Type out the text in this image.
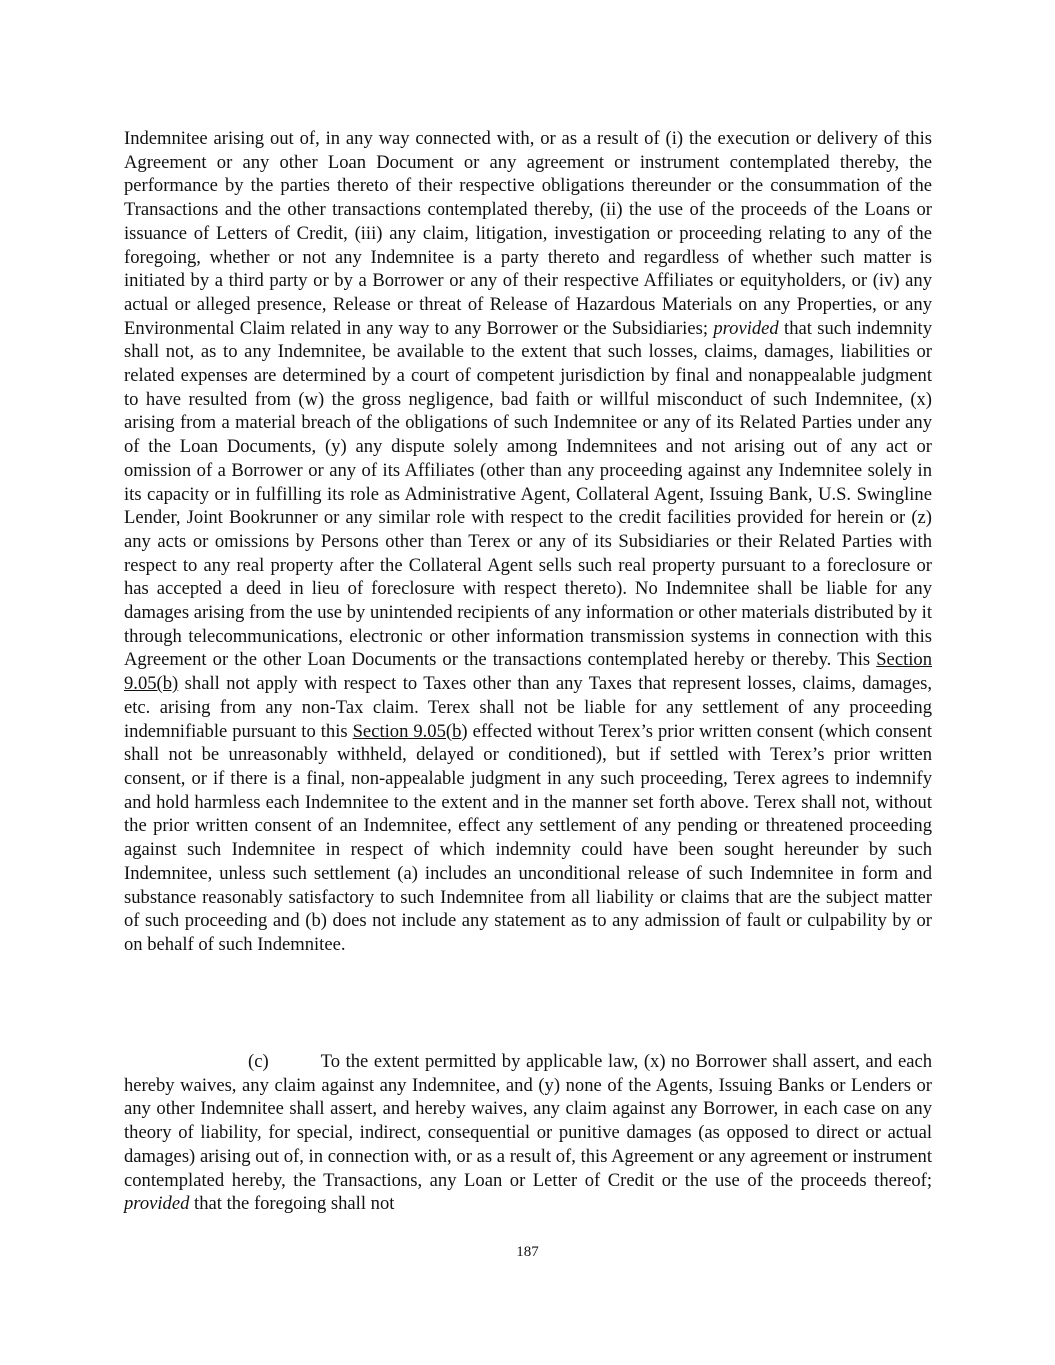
Indemnitee arising out of, in any way connected with, or as a result of (i) the execution or delivery of this Agreement or any other Loan Document or any agreement or instrument contemplated thereby, the performance by the parties thereto of their respective obligations thereunder or the consummation of the Transactions and the other transactions contemplated thereby, (ii) the use of the proceeds of the Loans or issuance of Letters of Credit, (iii) any claim, litigation, investigation or proceeding relating to any of the foregoing, whether or not any Indemnitee is a party thereto and regardless of whether such matter is initiated by a third party or by a Borrower or any of their respective Affiliates or equityholders, or (iv) any actual or alleged presence, Release or threat of Release of Hazardous Materials on any Properties, or any Environmental Claim related in any way to any Borrower or the Subsidiaries; provided that such indemnity shall not, as to any Indemnitee, be available to the extent that such losses, claims, damages, liabilities or related expenses are determined by a court of competent jurisdiction by final and nonappealable judgment to have resulted from (w) the gross negligence, bad faith or willful misconduct of such Indemnitee, (x) arising from a material breach of the obligations of such Indemnitee or any of its Related Parties under any of the Loan Documents, (y) any dispute solely among Indemnitees and not arising out of any act or omission of a Borrower or any of its Affiliates (other than any proceeding against any Indemnitee solely in its capacity or in fulfilling its role as Administrative Agent, Collateral Agent, Issuing Bank, U.S. Swingline Lender, Joint Bookrunner or any similar role with respect to the credit facilities provided for herein or (z) any acts or omissions by Persons other than Terex or any of its Subsidiaries or their Related Parties with respect to any real property after the Collateral Agent sells such real property pursuant to a foreclosure or has accepted a deed in lieu of foreclosure with respect thereto). No Indemnitee shall be liable for any damages arising from the use by unintended recipients of any information or other materials distributed by it through telecommunications, electronic or other information transmission systems in connection with this Agreement or the other Loan Documents or the transactions contemplated hereby or thereby. This Section 9.05(b) shall not apply with respect to Taxes other than any Taxes that represent losses, claims, damages, etc. arising from any non-Tax claim. Terex shall not be liable for any settlement of any proceeding indemnifiable pursuant to this Section 9.05(b) effected without Terex’s prior written consent (which consent shall not be unreasonably withheld, delayed or conditioned), but if settled with Terex’s prior written consent, or if there is a final, non-appealable judgment in any such proceeding, Terex agrees to indemnify and hold harmless each Indemnitee to the extent and in the manner set forth above. Terex shall not, without the prior written consent of an Indemnitee, effect any settlement of any pending or threatened proceeding against such Indemnitee in respect of which indemnity could have been sought hereunder by such Indemnitee, unless such settlement (a) includes an unconditional release of such Indemnitee in form and substance reasonably satisfactory to such Indemnitee from all liability or claims that are the subject matter of such proceeding and (b) does not include any statement as to any admission of fault or culpability by or on behalf of such Indemnitee.

(c)	To the extent permitted by applicable law, (x) no Borrower shall assert, and each hereby waives, any claim against any Indemnitee, and (y) none of the Agents, Issuing Banks or Lenders or any other Indemnitee shall assert, and hereby waives, any claim against any Borrower, in each case on any theory of liability, for special, indirect, consequential or punitive damages (as opposed to direct or actual damages) arising out of, in connection with, or as a result of, this Agreement or any agreement or instrument contemplated hereby, the Transactions, any Loan or Letter of Credit or the use of the proceeds thereof; provided that the foregoing shall not

187
